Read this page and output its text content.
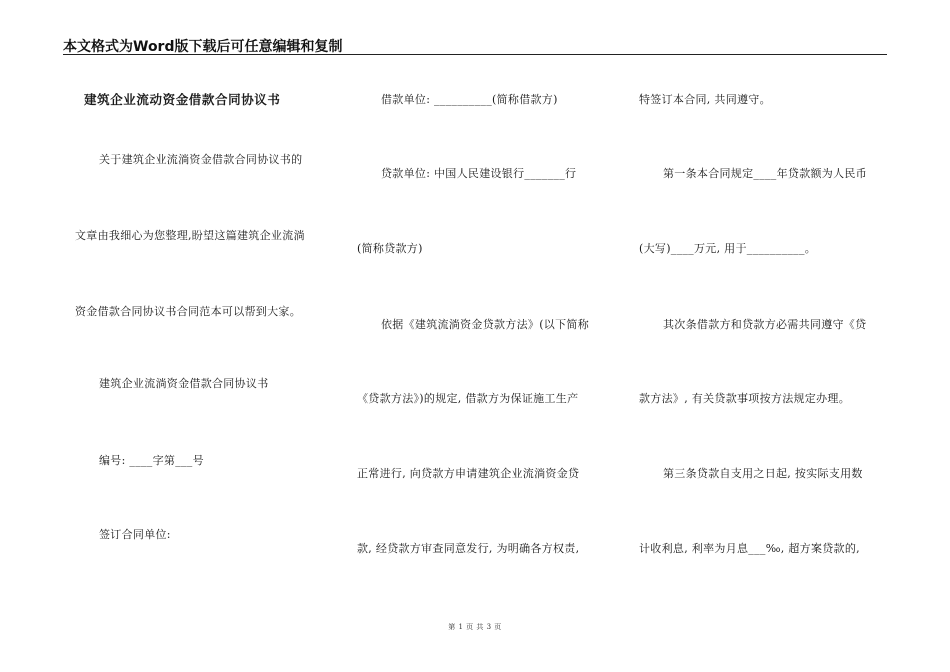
本文格式为Word版下载后可任意编辑和复制
建筑企业流动资金借款合同协议书
关于建筑企业流淌资金借款合同协议书的
文章由我细心为您整理,盼望这篇建筑企业流淌
资金借款合同协议书合同范本可以帮到大家。
建筑企业流淌资金借款合同协议书
编号: ____字第___号
签订合同单位:
借款单位: __________(简称借款方)
贷款单位: 中国人民建设银行_______行
(简称贷款方)
依据《建筑流淌资金贷款方法》(以下简称
《贷款方法》)的规定, 借款方为保证施工生产
正常进行, 向贷款方申请建筑企业流淌资金贷
款, 经贷款方审查同意发行, 为明确各方权责,
特签订本合同, 共同遵守。
第一条本合同规定____年贷款额为人民币
(大写)____万元, 用于__________。
其次条借款方和贷款方必需共同遵守《贷
款方法》, 有关贷款事项按方法规定办理。
第三条贷款自支用之日起, 按实际支用数
计收利息, 利率为月息___‰, 超方案贷款的,
第 1 页 共 3 页
